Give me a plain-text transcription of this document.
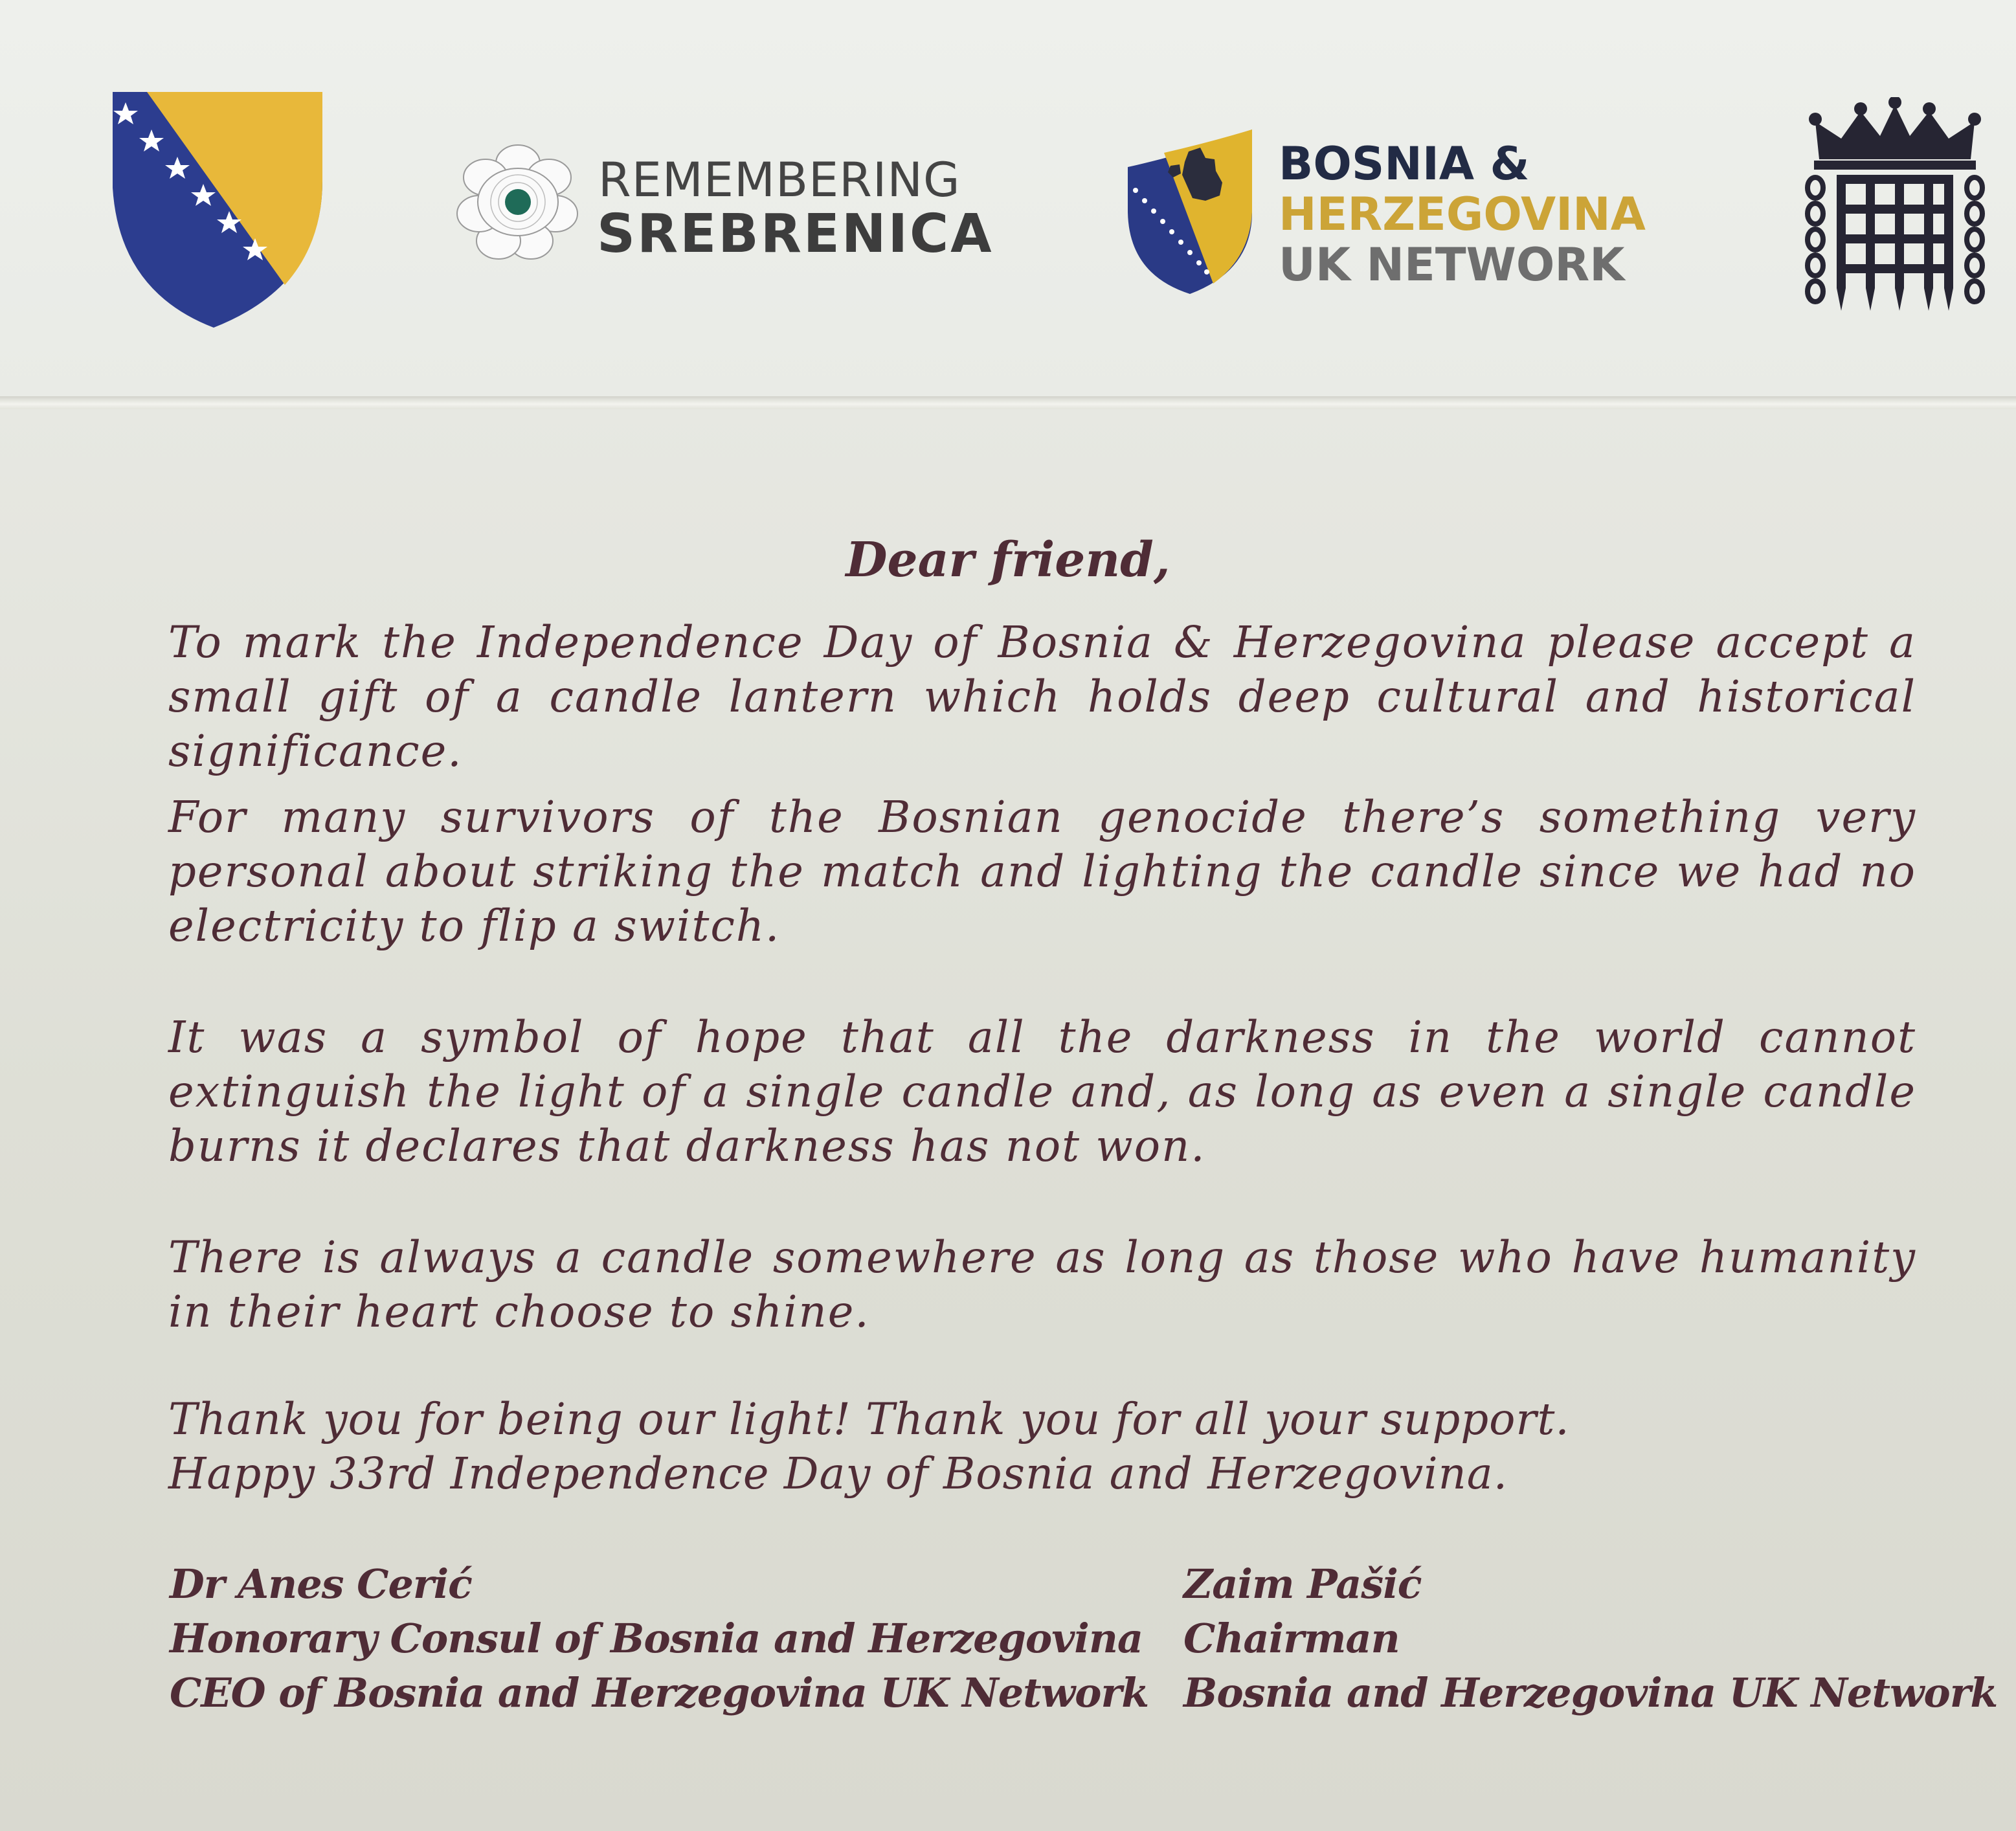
REMEMBERING
SREBRENICA
BOSNIA &
HERZEGOVINA
UK NETWORK

Dear friend,

To mark the Independence Day of Bosnia & Herzegovina please accept a small gift of a candle lantern which holds deep cultural and historical significance.

For many survivors of the Bosnian genocide there’s something very personal about striking the match and lighting the candle since we had no electricity to flip a switch.

It was a symbol of hope that all the darkness in the world cannot extinguish the light of a single candle and, as long as even a single candle burns it declares that darkness has not won.

There is always a candle somewhere as long as those who have humanity in their heart choose to shine.

Thank you for being our light! Thank you for all your support.
Happy 33rd Independence Day of Bosnia and Herzegovina.

Dr Anes Cerić
Honorary Consul of Bosnia and Herzegovina
CEO of Bosnia and Herzegovina UK Network
Zaim Pašić
Chairman
Bosnia and Herzegovina UK Network
